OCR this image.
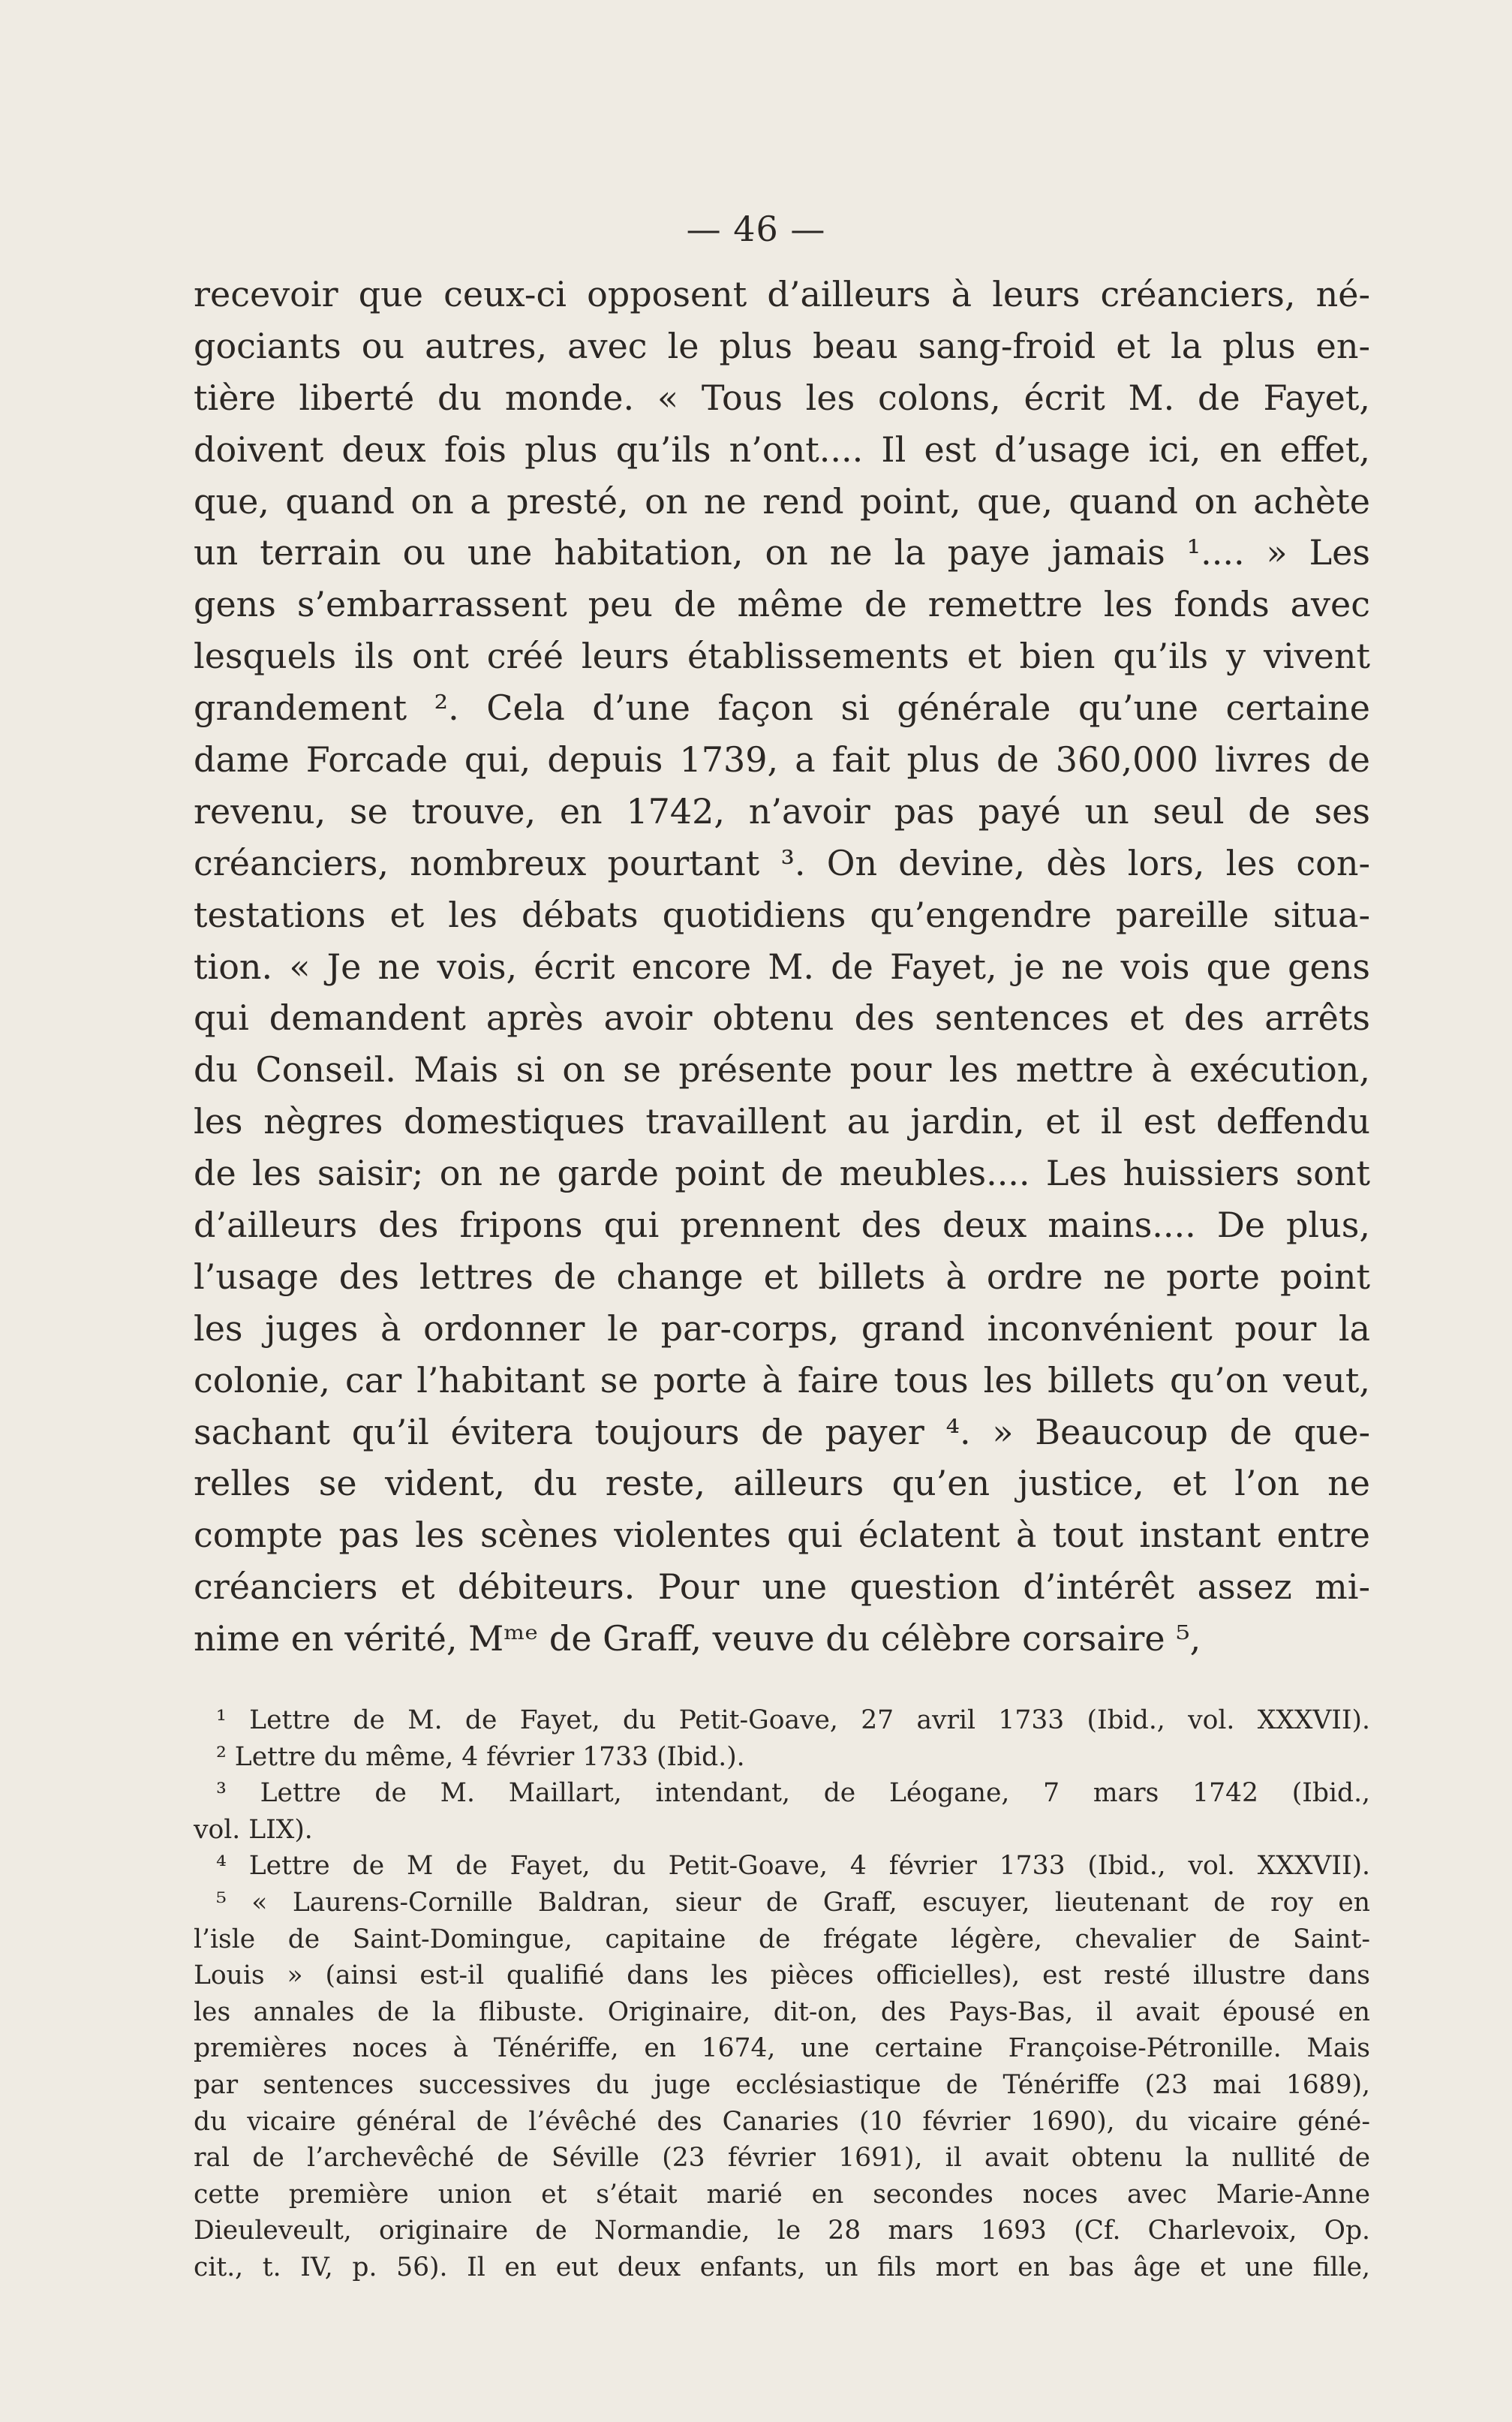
— 46 —
recevoir que ceux-ci opposent d’ailleurs à leurs créanciers, né-
gociants ou autres, avec le plus beau sang-froid et la plus en-
tière liberté du monde. « Tous les colons, écrit M. de Fayet,
doivent deux fois plus qu’ils n’ont.... Il est d’usage ici, en effet,
que, quand on a presté, on ne rend point, que, quand on achète
un terrain ou une habitation, on ne la paye jamais ¹.... » Les
gens s’embarrassent peu de même de remettre les fonds avec
lesquels ils ont créé leurs établissements et bien qu’ils y vivent
grandement ². Cela d’une façon si générale qu’une certaine
dame Forcade qui, depuis 1739, a fait plus de 360,000 livres de
revenu, se trouve, en 1742, n’avoir pas payé un seul de ses
créanciers, nombreux pourtant ³. On devine, dès lors, les con-
testations et les débats quotidiens qu’engendre pareille situa-
tion. « Je ne vois, écrit encore M. de Fayet, je ne vois que gens
qui demandent après avoir obtenu des sentences et des arrêts
du Conseil. Mais si on se présente pour les mettre à exécution,
les nègres domestiques travaillent au jardin, et il est deffendu
de les saisir; on ne garde point de meubles.... Les huissiers sont
d’ailleurs des fripons qui prennent des deux mains.... De plus,
l’usage des lettres de change et billets à ordre ne porte point
les juges à ordonner le par-corps, grand inconvénient pour la
colonie, car l’habitant se porte à faire tous les billets qu’on veut,
sachant qu’il évitera toujours de payer ⁴. » Beaucoup de que-
relles se vident, du reste, ailleurs qu’en justice, et l’on ne
compte pas les scènes violentes qui éclatent à tout instant entre
créanciers et débiteurs. Pour une question d’intérêt assez mi-
nime en vérité, Mᵐᵉ de Graff, veuve du célèbre corsaire ⁵,
¹ Lettre de M. de Fayet, du Petit-Goave, 27 avril 1733 (Ibid., vol. XXXVII).
² Lettre du même, 4 février 1733 (Ibid.).
³ Lettre de M. Maillart, intendant, de Léogane, 7 mars 1742 (Ibid.,
vol. LIX).
⁴ Lettre de M de Fayet, du Petit-Goave, 4 février 1733 (Ibid., vol. XXXVII).
⁵ « Laurens-Cornille Baldran, sieur de Graff, escuyer, lieutenant de roy en
l’isle de Saint-Domingue, capitaine de frégate légère, chevalier de Saint-
Louis » (ainsi est-il qualifié dans les pièces officielles), est resté illustre dans
les annales de la flibuste. Originaire, dit-on, des Pays-Bas, il avait épousé en
premières noces à Ténériffe, en 1674, une certaine Françoise-Pétronille. Mais
par sentences successives du juge ecclésiastique de Ténériffe (23 mai 1689),
du vicaire général de l’évêché des Canaries (10 février 1690), du vicaire géné-
ral de l’archevêché de Séville (23 février 1691), il avait obtenu la nullité de
cette première union et s’était marié en secondes noces avec Marie-Anne
Dieuleveult, originaire de Normandie, le 28 mars 1693 (Cf. Charlevoix, Op.
cit., t. IV, p. 56). Il en eut deux enfants, un fils mort en bas âge et une fille,
